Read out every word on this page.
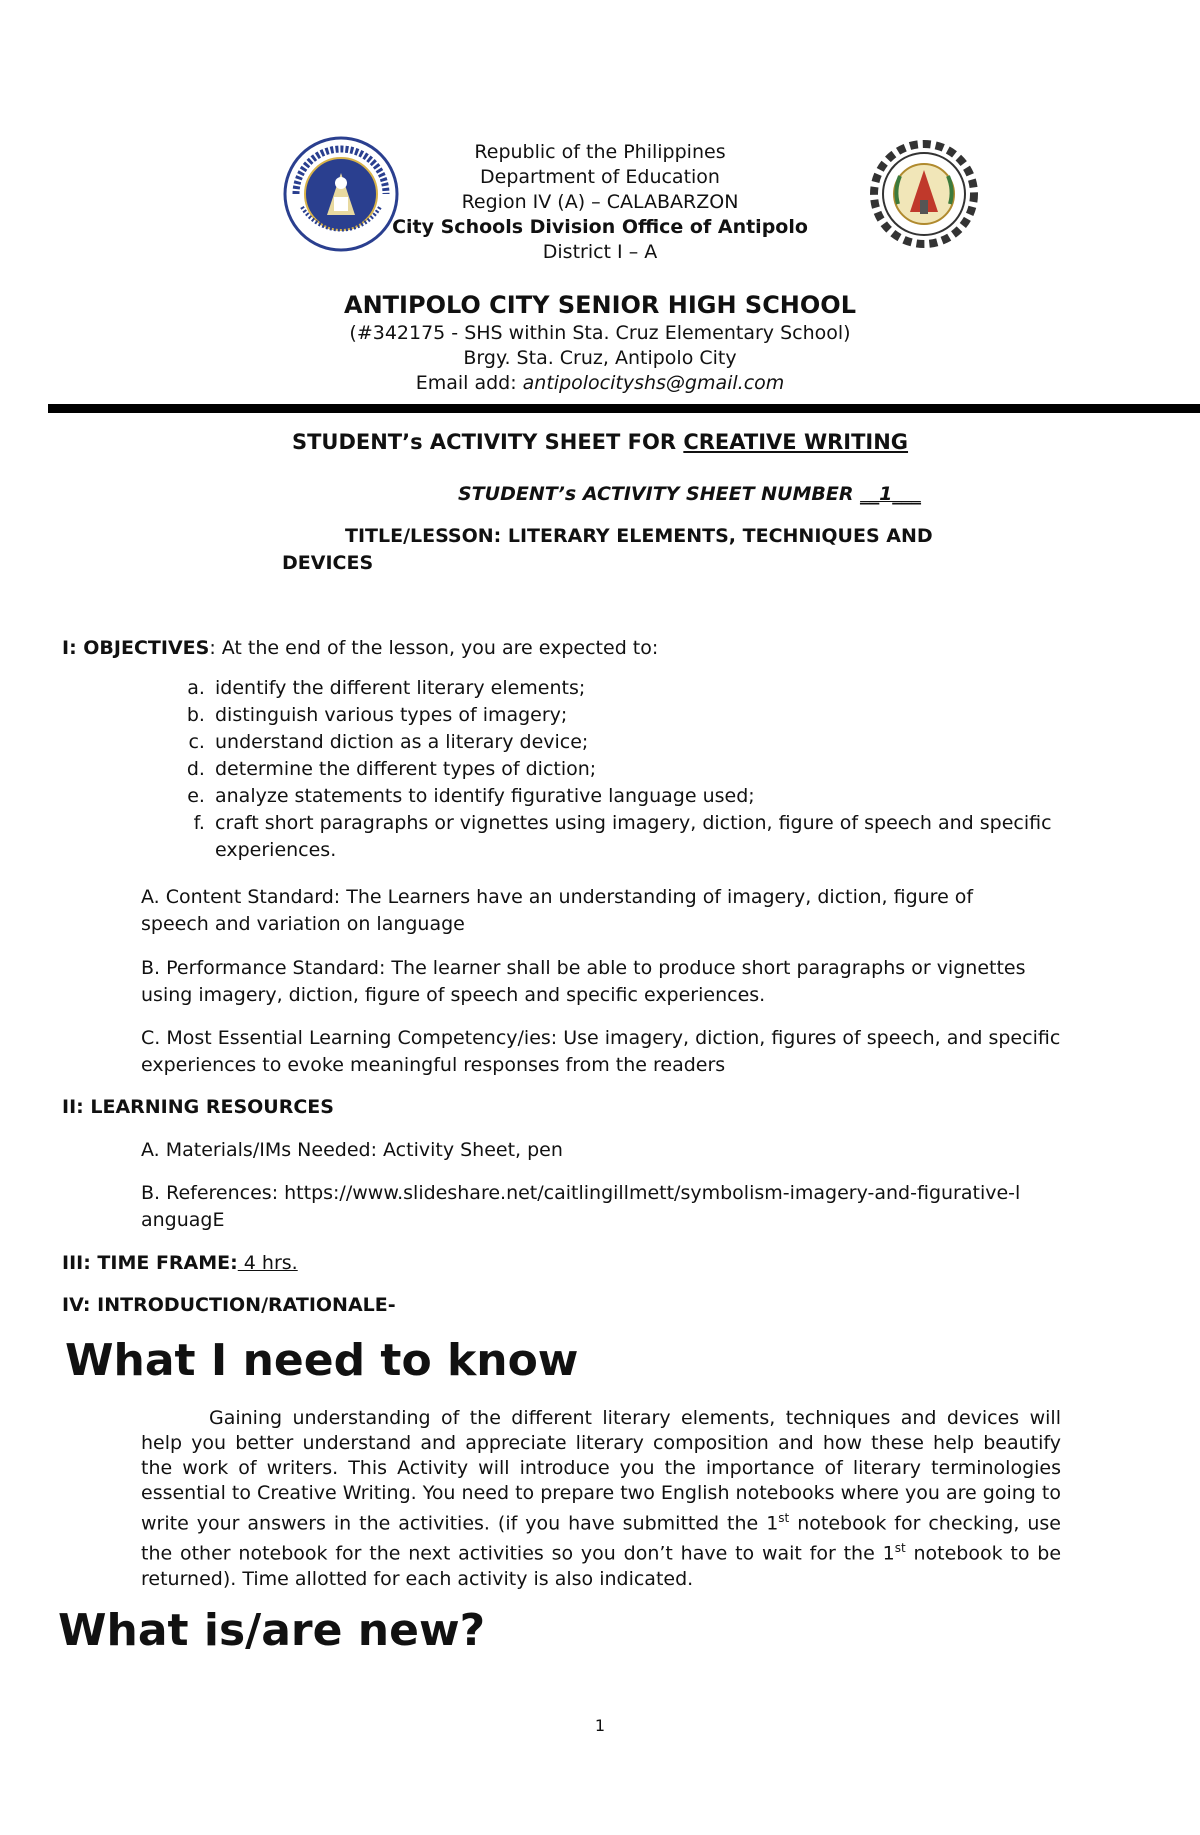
Republic of the Philippines
Department of Education
Region IV (A) – CALABARZON
City Schools Division Office of Antipolo
District I – A
ANTIPOLO CITY SENIOR HIGH SCHOOL
(#342175 - SHS within Sta. Cruz Elementary School)
Brgy. Sta. Cruz, Antipolo City
Email add: antipolocityshs@gmail.com
STUDENT’s ACTIVITY SHEET FOR CREATIVE WRITING
STUDENT’s ACTIVITY SHEET NUMBER __1___
TITLE/LESSON: LITERARY ELEMENTS, TECHNIQUES AND
DEVICES
I: OBJECTIVES: At the end of the lesson, you are expected to:
a. identify the different literary elements;
b. distinguish various types of imagery;
c. understand diction as a literary device;
d. determine the different types of diction;
e. analyze statements to identify figurative language used;
f. craft short paragraphs or vignettes using imagery, diction, figure of speech and specific experiences.
A. Content Standard: The Learners have an understanding of imagery, diction, figure of speech and variation on language
B. Performance Standard: The learner shall be able to produce short paragraphs or vignettes using imagery, diction, figure of speech and specific experiences.
C. Most Essential Learning Competency/ies: Use imagery, diction, figures of speech, and specific experiences to evoke meaningful responses from the readers
II: LEARNING RESOURCES
A. Materials/IMs Needed: Activity Sheet, pen
B. References: https://www.slideshare.net/caitlingillmett/symbolism-imagery-and-figurative-languagE
III: TIME FRAME: 4 hrs.
IV: INTRODUCTION/RATIONALE-
What I need to know
Gaining understanding of the different literary elements, techniques and devices will help you better understand and appreciate literary composition and how these help beautify the work of writers. This Activity will introduce you the importance of literary terminologies essential to Creative Writing. You need to prepare two English notebooks where you are going to write your answers in the activities. (if you have submitted the 1st notebook for checking, use the other notebook for the next activities so you don’t have to wait for the 1st notebook to be returned). Time allotted for each activity is also indicated.
What is/are new?
1
